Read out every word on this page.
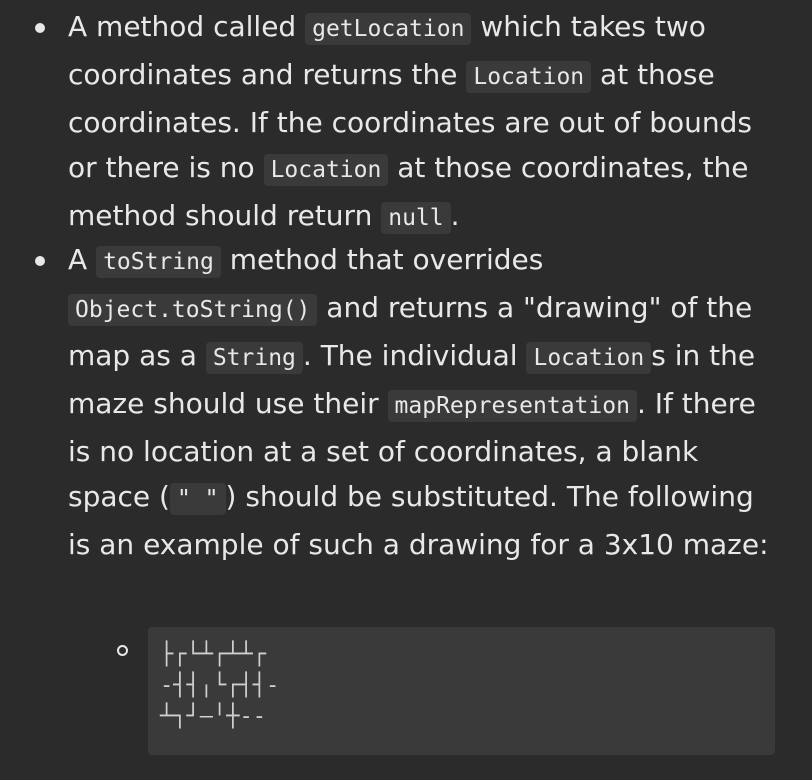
A method called getLocation which takes two coordinates and returns the Location at those coordinates. If the coordinates are out of bounds or there is no Location at those coordinates, the method should return null .
A toString method that overrides Object.toString() and returns a "drawing" of the map as a String . The individual Location s in the maze should use their mapRepresentation . If there is no location at a set of coordinates, a blank space ( " " ) should be substituted. The following is an example of such a drawing for a 3x10 maze:
├┌└┴┌┴┴┌
-┤┤╷└┌┤┤-
┴┐┘—╵┼--
